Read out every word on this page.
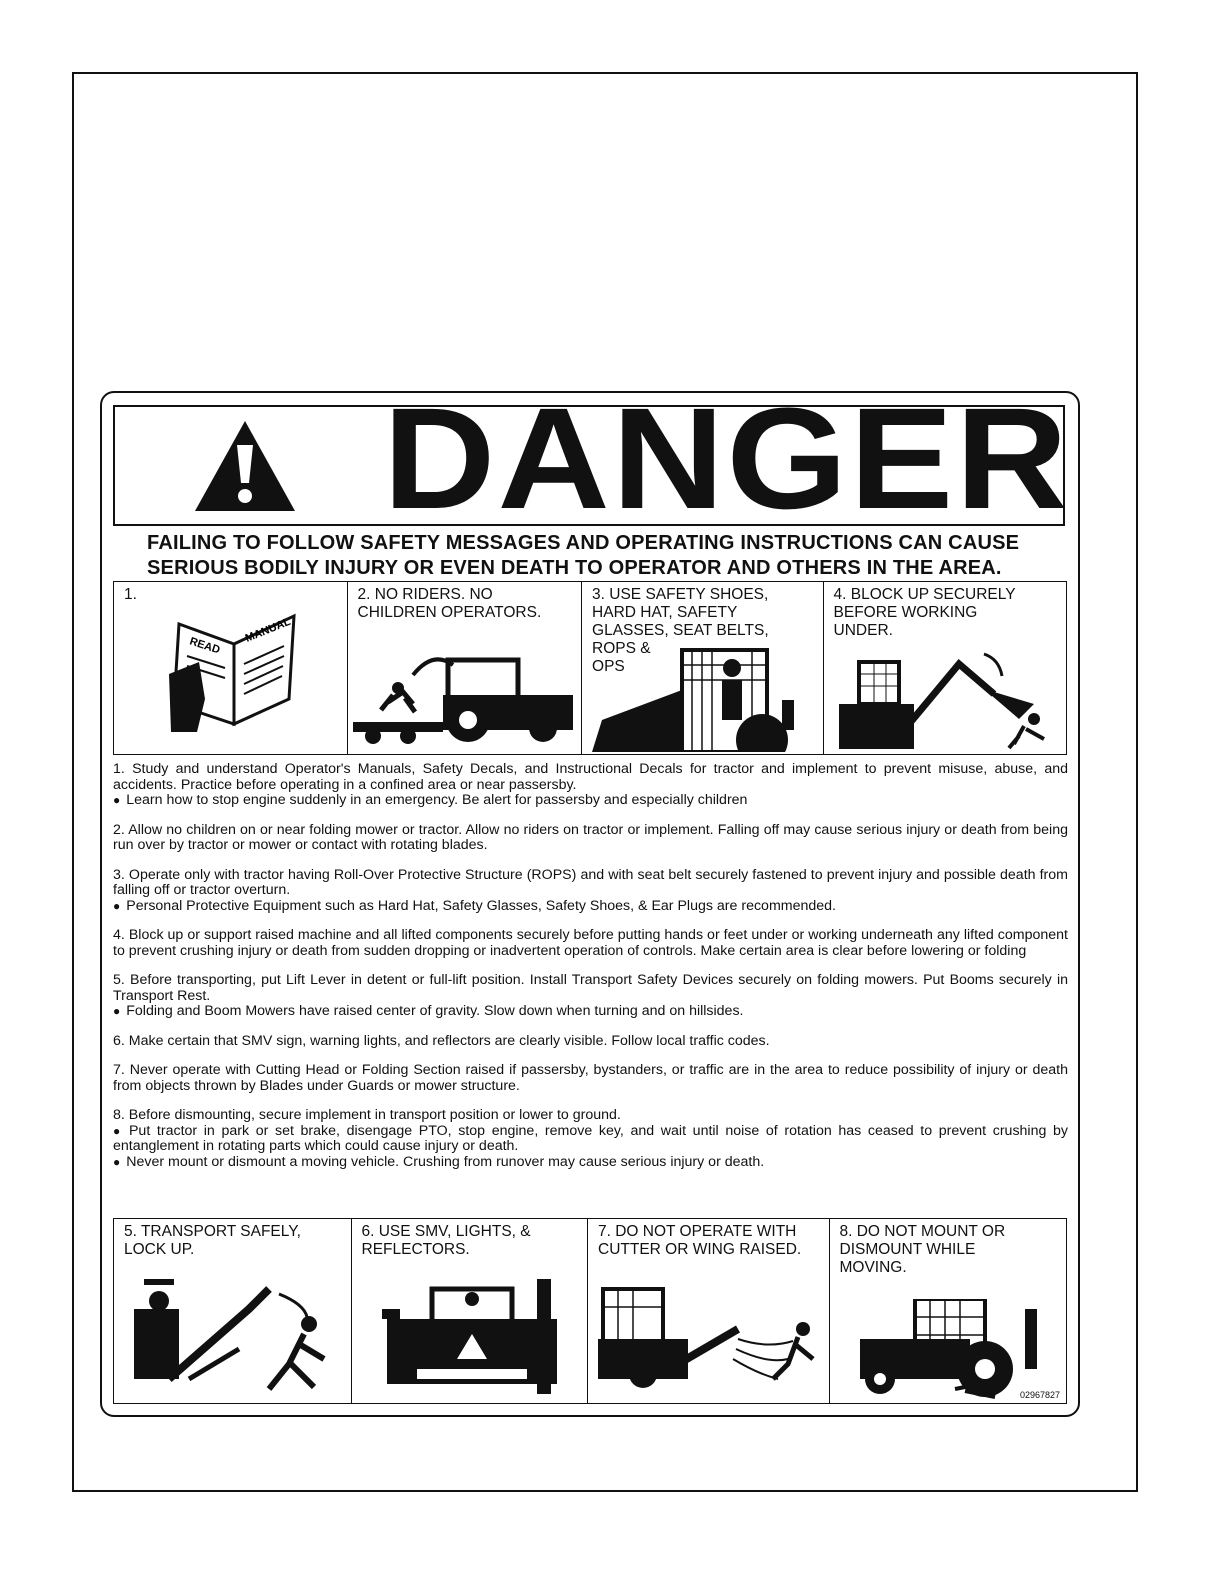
DANGER
FAILING TO FOLLOW SAFETY MESSAGES AND OPERATING INSTRUCTIONS CAN CAUSE
SERIOUS BODILY INJURY OR EVEN DEATH TO OPERATOR AND OTHERS IN THE AREA.
1.
READ
MANUAL
2. NO RIDERS. NO
CHILDREN OPERATORS.
3. USE SAFETY SHOES,
HARD HAT, SAFETY
GLASSES, SEAT BELTS,
ROPS &
OPS
4. BLOCK UP SECURELY
BEFORE WORKING
UNDER.

1. Study and understand Operator's Manuals, Safety Decals, and Instructional Decals for tractor and implement to prevent misuse, abuse, and accidents. Practice before operating in a confined area or near passersby.

● Learn how to stop engine suddenly in an emergency. Be alert for passersby and especially children

2. Allow no children on or near folding mower or tractor. Allow no riders on tractor or implement. Falling off may cause serious injury or death from being run over by tractor or mower or contact with rotating blades.

3. Operate only with tractor having Roll-Over Protective Structure (ROPS) and with seat belt securely fastened to prevent injury and possible death from falling off or tractor overturn.

● Personal Protective Equipment such as Hard Hat, Safety Glasses, Safety Shoes, & Ear Plugs are recommended.

4. Block up or support raised machine and all lifted components securely before putting hands or feet under or working underneath any lifted component to prevent crushing injury or death from sudden dropping or inadvertent operation of controls. Make certain area is clear before lowering or folding

5. Before transporting, put Lift Lever in detent or full-lift position. Install Transport Safety Devices securely on folding mowers. Put Booms securely in Transport Rest.

● Folding and Boom Mowers have raised center of gravity. Slow down when turning and on hillsides.

6. Make certain that SMV sign, warning lights, and reflectors are clearly visible. Follow local traffic codes.

7. Never operate with Cutting Head or Folding Section raised if passersby, bystanders, or traffic are in the area to reduce possibility of injury or death from objects thrown by Blades under Guards or mower structure.

8. Before dismounting, secure implement in transport position or lower to ground.

● Put tractor in park or set brake, disengage PTO, stop engine, remove key, and wait until noise of rotation has ceased to prevent crushing by entanglement in rotating parts which could cause injury or death.

● Never mount or dismount a moving vehicle. Crushing from runover may cause serious injury or death.

5. TRANSPORT SAFELY,
LOCK UP.
6. USE SMV, LIGHTS, &
REFLECTORS.
7. DO NOT OPERATE WITH
CUTTER OR WING RAISED.
8. DO NOT MOUNT OR
DISMOUNT WHILE
MOVING.
02967827
